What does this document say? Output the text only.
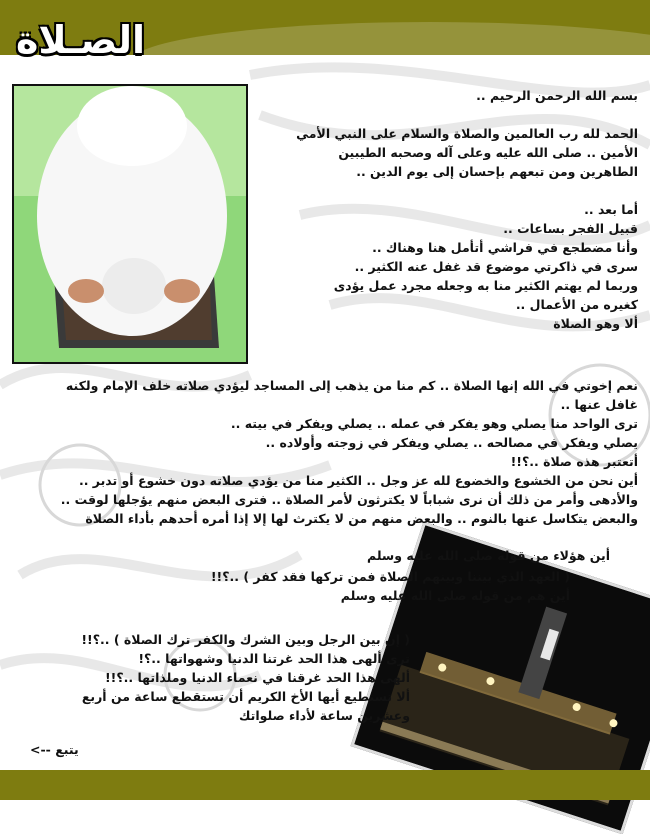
الصـلاة

بسم الله الرحمن الرحيم ..

الحمد لله رب العالمين والصلاة والسلام على النبي الأمي

الأمين .. صلى الله عليه وعلى آله وصحبه الطيبين

الطاهرين ومن تبعهم بإحسان إلى يوم الدين ..

أما بعد ..

قبيل الفجر بساعات ..

وأنا مضطجع في فراشي أتأمل هنا وهناك ..

سرى في ذاكرتي موضوع قد غفل عنه الكثير ..

وربما لم يهتم الكثير منا به وجعله مجرد عمل يؤدى

كغيره من الأعمال ..

ألا وهو الصلاة

نعم إخوتي في الله إنها الصلاة .. كم منا من يذهب إلى المساجد ليؤدي صلاته خلف الإمام ولكنه

غافل عنها ..

ترى الواحد منا يصلي وهو يفكر في عمله .. يصلي ويفكر في بيته ..

يصلي ويفكر في مصالحه .. يصلي ويفكر في زوجته وأولاده ..

أتعتبر هذه صلاة ..؟!!

أين نحن من الخشوع والخضوع لله عز وجل .. الكثير منا من يؤدي صلاته دون خشوع أو تدبر ..

والأدهى وأمر من ذلك أن نرى شباباً لا يكترثون لأمر الصلاة .. فترى البعض منهم يؤجلها لوقت ..

والبعض يتكاسل عنها بالنوم .. والبعض منهم من لا يكترث لها إلا إذا أمره أحدهم بأداء الصلاة

أين هؤلاء من قوله صلى الله عليه وسلم

( العهد الذي بيننا وبينهم الصلاة فمن تركها فقد كفر ) ..؟!!

أين هم من قوله صلى الله عليه وسلم

( إن بين الرجل وبين الشرك والكفر ترك الصلاة ) ..؟!!

ترى ألهى هذا الحد غرتنا الدنيا وشهواتها ..؟!

ألهى هذا الحد غرقنا في نعماء الدنيا وملذاتها ..؟!!

ألا تستطيع أيها الأخ الكريم أن تستقطع ساعة من أربع

وعشرين ساعة لأداء صلواتك

يتبع -->
